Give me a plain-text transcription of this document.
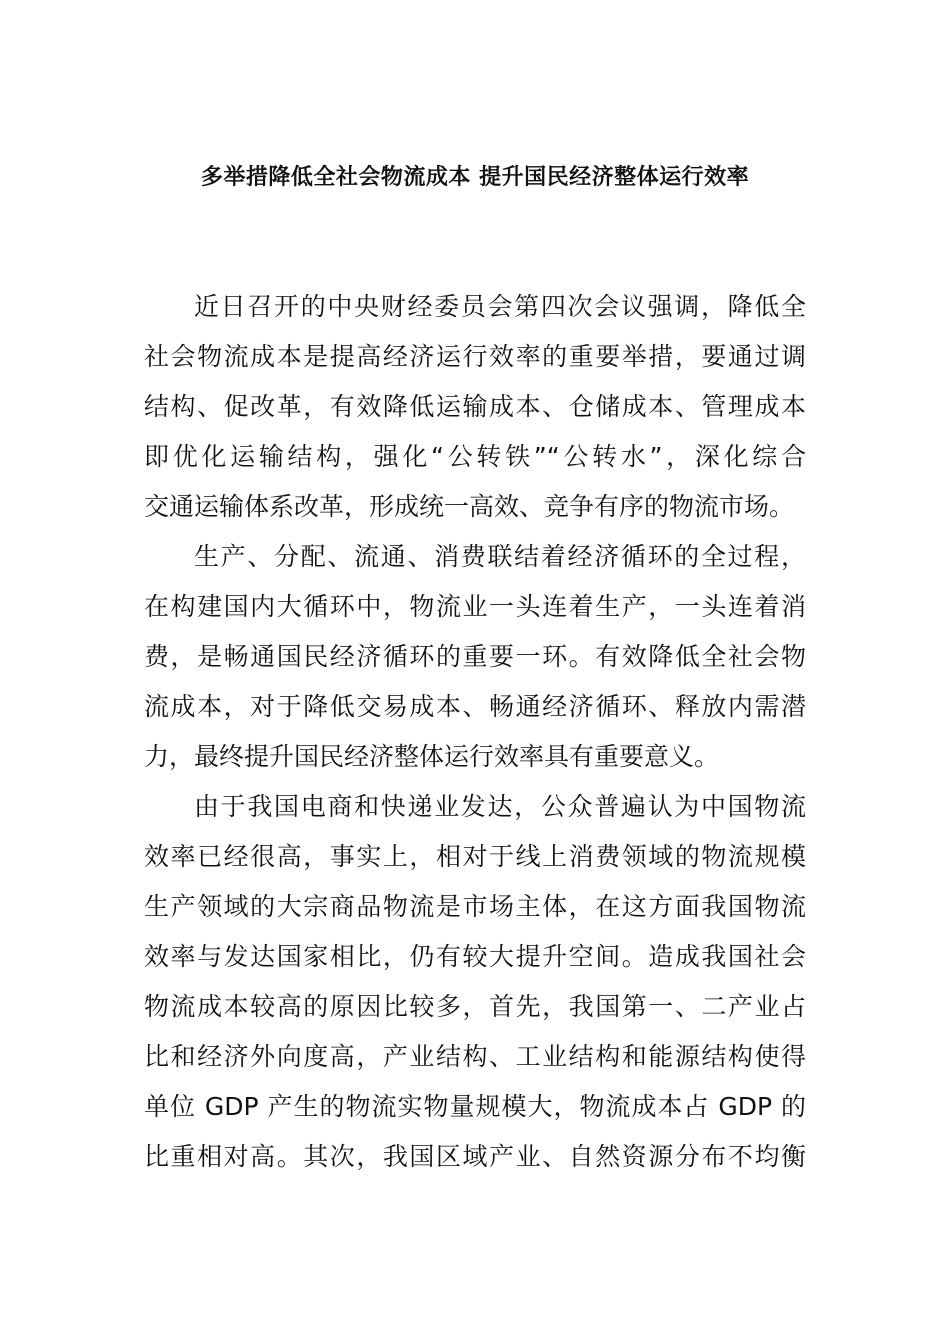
多举措降低全社会物流成本 提升国民经济整体运行效率
近日召开的中央财经委员会第四次会议强调，降低全
社会物流成本是提高经济运行效率的重要举措，要通过调
结构、促改革，有效降低运输成本、仓储成本、管理成本
即优化运输结构，强化“公转铁”“公转水”，深化综合
交通运输体系改革，形成统一高效、竞争有序的物流市场。
生产、分配、流通、消费联结着经济循环的全过程，
在构建国内大循环中，物流业一头连着生产，一头连着消
费，是畅通国民经济循环的重要一环。有效降低全社会物
流成本，对于降低交易成本、畅通经济循环、释放内需潜
力，最终提升国民经济整体运行效率具有重要意义。
由于我国电商和快递业发达，公众普遍认为中国物流
效率已经很高，事实上，相对于线上消费领域的物流规模
生产领域的大宗商品物流是市场主体，在这方面我国物流
效率与发达国家相比，仍有较大提升空间。造成我国社会
物流成本较高的原因比较多，首先，我国第一、二产业占
比和经济外向度高，产业结构、工业结构和能源结构使得
单位 GDP 产生的物流实物量规模大，物流成本占 GDP 的
比重相对高。其次，我国区域产业、自然资源分布不均衡
